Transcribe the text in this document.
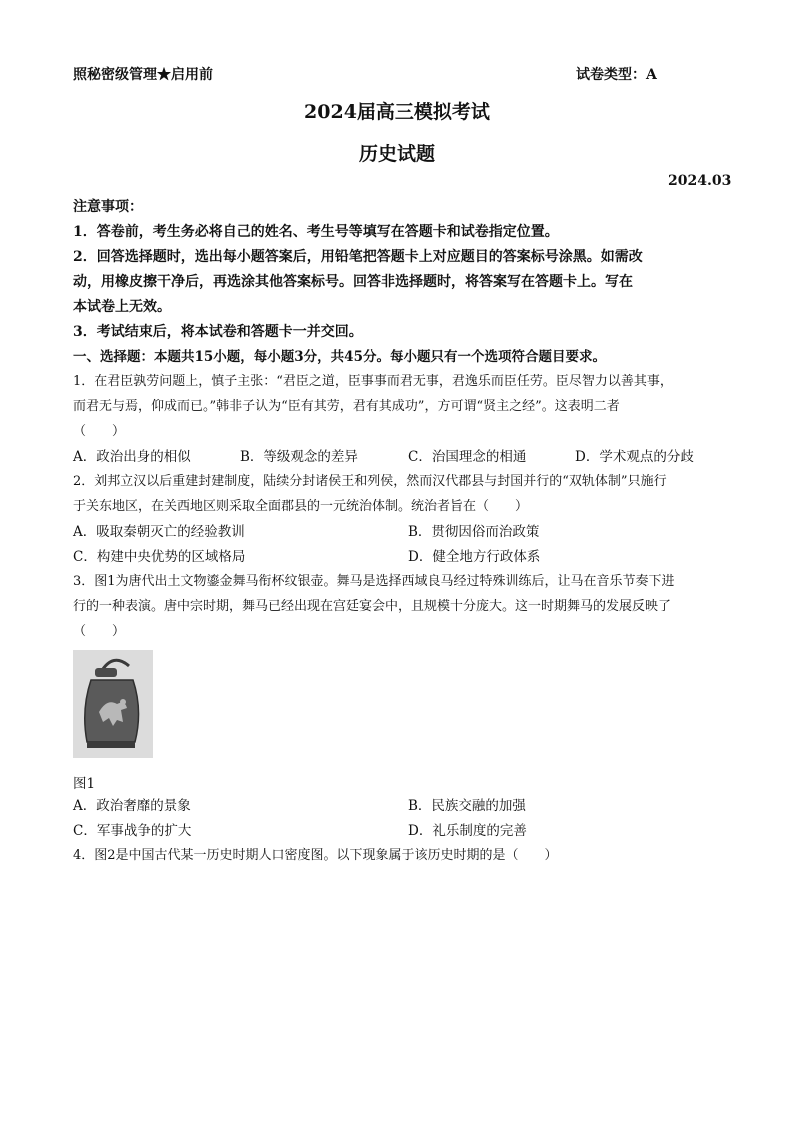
照秘密级管理★启用前	试卷类型：A
2024届高三模拟考试
历史试题
2024.03
注意事项：
1．答卷前，考生务必将自己的姓名、考生号等填写在答题卡和试卷指定位置。
2．回答选择题时，选出每小题答案后，用铅笔把答题卡上对应题目的答案标号涂黑。如需改
动，用橡皮擦干净后，再选涂其他答案标号。回答非选择题时，将答案写在答题卡上。写在
本试卷上无效。
3．考试结束后，将本试卷和答题卡一并交回。
一、选择题：本题共15小题，每小题3分，共45分。每小题只有一个选项符合题目要求。
1．在君臣孰劳问题上，慎子主张：“君臣之道，臣事事而君无事，君逸乐而臣任劳。臣尽智力以善其事，
而君无与焉，仰成而已。”韩非子认为“臣有其劳，君有其成功”，方可谓“贤主之经”。这表明二者
（　　）
A．政治出身的相似	B．等级观念的差异	C．治国理念的相通	D．学术观点的分歧
2．刘邦立汉以后重建封建制度，陆续分封诸侯王和列侯，然而汉代郡县与封国并行的“双轨体制”只施行
于关东地区，在关西地区则采取全面郡县的一元统治体制。统治者旨在（　　）
A．吸取秦朝灭亡的经验教训	B．贯彻因俗而治政策
C．构建中央优势的区域格局	D．健全地方行政体系
3．图1为唐代出土文物鎏金舞马衔杯纹银壶。舞马是选择西域良马经过特殊训练后，让马在音乐节奏下进
行的一种表演。唐中宗时期，舞马已经出现在宫廷宴会中，且规模十分庞大。这一时期舞马的发展反映了
（　　）
图1
A．政治奢靡的景象	B．民族交融的加强
C．军事战争的扩大	D．礼乐制度的完善
4．图2是中国古代某一历史时期人口密度图。以下现象属于该历史时期的是（　　）
